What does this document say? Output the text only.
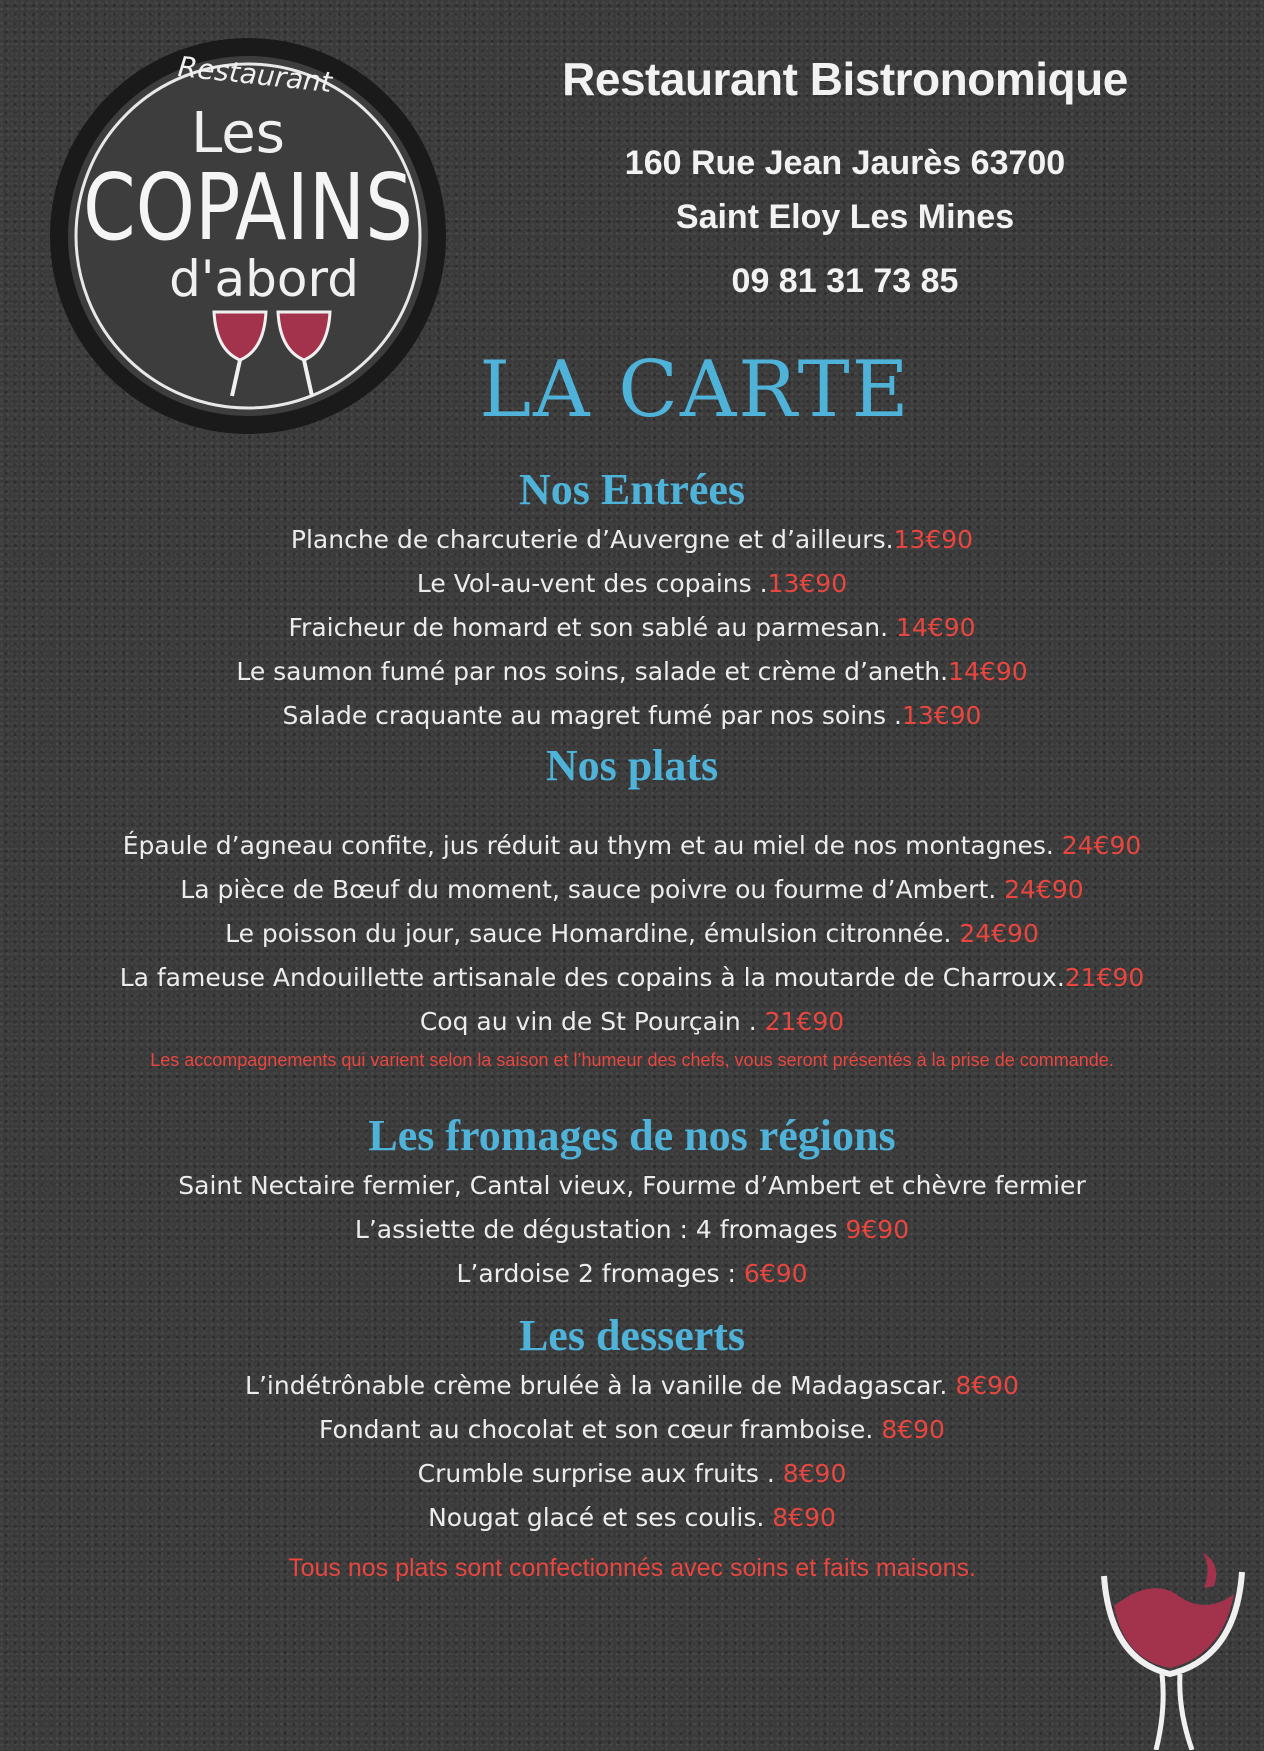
Restaurant
Les
COPAINS
d'abord
Restaurant Bistronomique
160 Rue Jean Jaurès 63700
Saint Eloy Les Mines
09 81 31 73 85
LA CARTE
Nos Entrées
Planche de charcuterie d’Auvergne et d’ailleurs.13€90
Le Vol-au-vent des copains .13€90
Fraicheur de homard et son sablé au parmesan. 14€90
Le saumon fumé par nos soins, salade et crème d’aneth.14€90
Salade craquante au magret fumé par nos soins .13€90
Nos plats
Épaule d’agneau confite, jus réduit au thym et au miel de nos montagnes. 24€90
La pièce de Bœuf du moment, sauce poivre ou fourme d’Ambert. 24€90
Le poisson du jour, sauce Homardine, émulsion citronnée. 24€90
La fameuse Andouillette artisanale des copains à la moutarde de Charroux.21€90
Coq au vin de St Pourçain . 21€90
Les accompagnements qui varient selon la saison et l’humeur des chefs, vous seront présentés à la prise de commande.
Les fromages de nos régions
Saint Nectaire fermier, Cantal vieux, Fourme d’Ambert et chèvre fermier
L’assiette de dégustation : 4 fromages 9€90
L’ardoise 2 fromages : 6€90
Les desserts
L’indétrônable crème brulée à la vanille de Madagascar. 8€90
Fondant au chocolat et son cœur framboise. 8€90
Crumble surprise aux fruits . 8€90
Nougat glacé et ses coulis. 8€90
Tous nos plats sont confectionnés avec soins et faits maisons.
